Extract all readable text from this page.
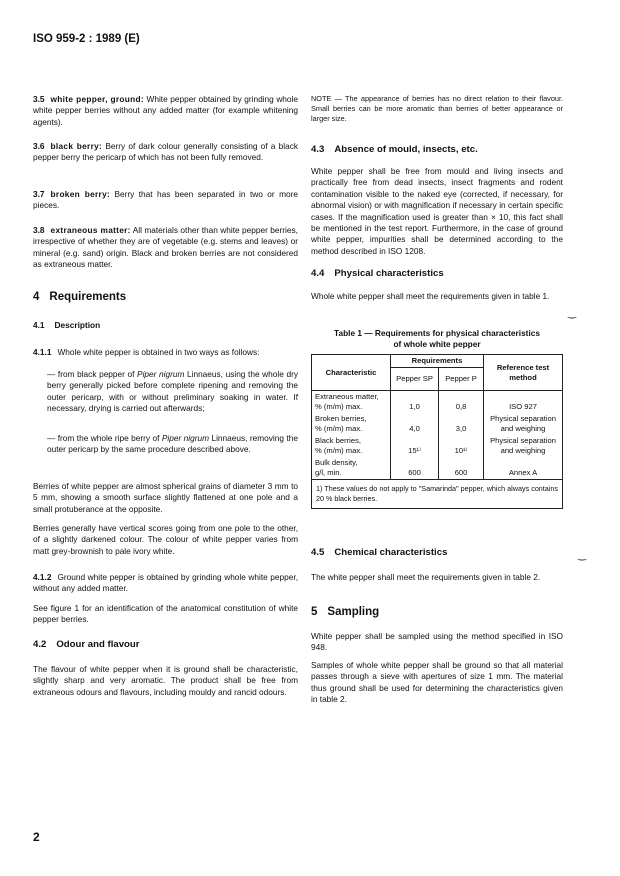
ISO 959-2 : 1989 (E)
3.5 white pepper, ground: White pepper obtained by grinding whole white pepper berries without any added matter (for example whitening agents).
3.6 black berry: Berry of dark colour generally consisting of a black pepper berry the pericarp of which has not been fully removed.
3.7 broken berry: Berry that has been separated in two or more pieces.
3.8 extraneous matter: All materials other than white pepper berries, irrespective of whether they are of vegetable (e.g. stems and leaves) or mineral (e.g. sand) origin. Black and broken berries are not considered as extraneous matter.
4 Requirements
4.1 Description
4.1.1 Whole white pepper is obtained in two ways as follows:
— from black pepper of Piper nigrum Linnaeus, using the whole dry berry generally picked before complete ripening and removing the outer pericarp, with or without preliminary soaking in water. If necessary, drying is carried out afterwards;
— from the whole ripe berry of Piper nigrum Linnaeus, removing the outer pericarp by the same procedure described above.
Berries of white pepper are almost spherical grains of diameter 3 mm to 5 mm, showing a smooth surface slightly flattened at one pole and a small protuberance at the opposite.
Berries generally have vertical scores going from one pole to the other, of a slightly darkened colour. The colour of white pepper varies from matt grey-brownish to pale ivory white.
4.1.2 Ground white pepper is obtained by grinding whole white pepper, without any added matter.
See figure 1 for an identification of the anatomical constitution of white pepper berries.
4.2 Odour and flavour
The flavour of white pepper when it is ground shall be characteristic, slightly sharp and very aromatic. The product shall be free from extraneous odours and flavours, including mouldy and rancid odours.
NOTE — The appearance of berries has no direct relation to their flavour. Small berries can be more aromatic than berries of better appearance or larger size.
4.3 Absence of mould, insects, etc.
White pepper shall be free from mould and living insects and practically free from dead insects, insect fragments and rodent contamination visible to the naked eye (corrected, if necessary, for abnormal vision) or with magnification if necessary in certain specific cases. If the magnification used is greater than × 10, this fact shall be mentioned in the test report. Furthermore, in the case of ground white pepper, impurities shall be determined according to the method described in ISO 1208.
4.4 Physical characteristics
Whole white pepper shall meet the requirements given in table 1.
‿
Table 1 — Requirements for physical characteristics
of whole white pepper
Characteristic	Requirements		Reference test method
	Pepper SP	Pepper P	

Extraneous matter,
% (m/m) max.	1,0	0,8	ISO 927

Broken berries,
% (m/m) max.	4,0	3,0	Physical separation and weighing

Black berries,
% (m/m) max.	15¹⁾	10¹⁾	Physical separation and weighing

Bulk density,
g/l, min.	600	600	Annex A
1) These values do not apply to "Samarinda" pepper, which always contains 20 % black berries.			
4.5 Chemical characteristics	‿
The white pepper shall meet the requirements given in table 2.
5 Sampling
White pepper shall be sampled using the method specified in ISO 948.
Samples of whole white pepper shall be ground so that all material passes through a sieve with apertures of size 1 mm. The material thus ground shall be used for determining the characteristics given in table 2.
2
